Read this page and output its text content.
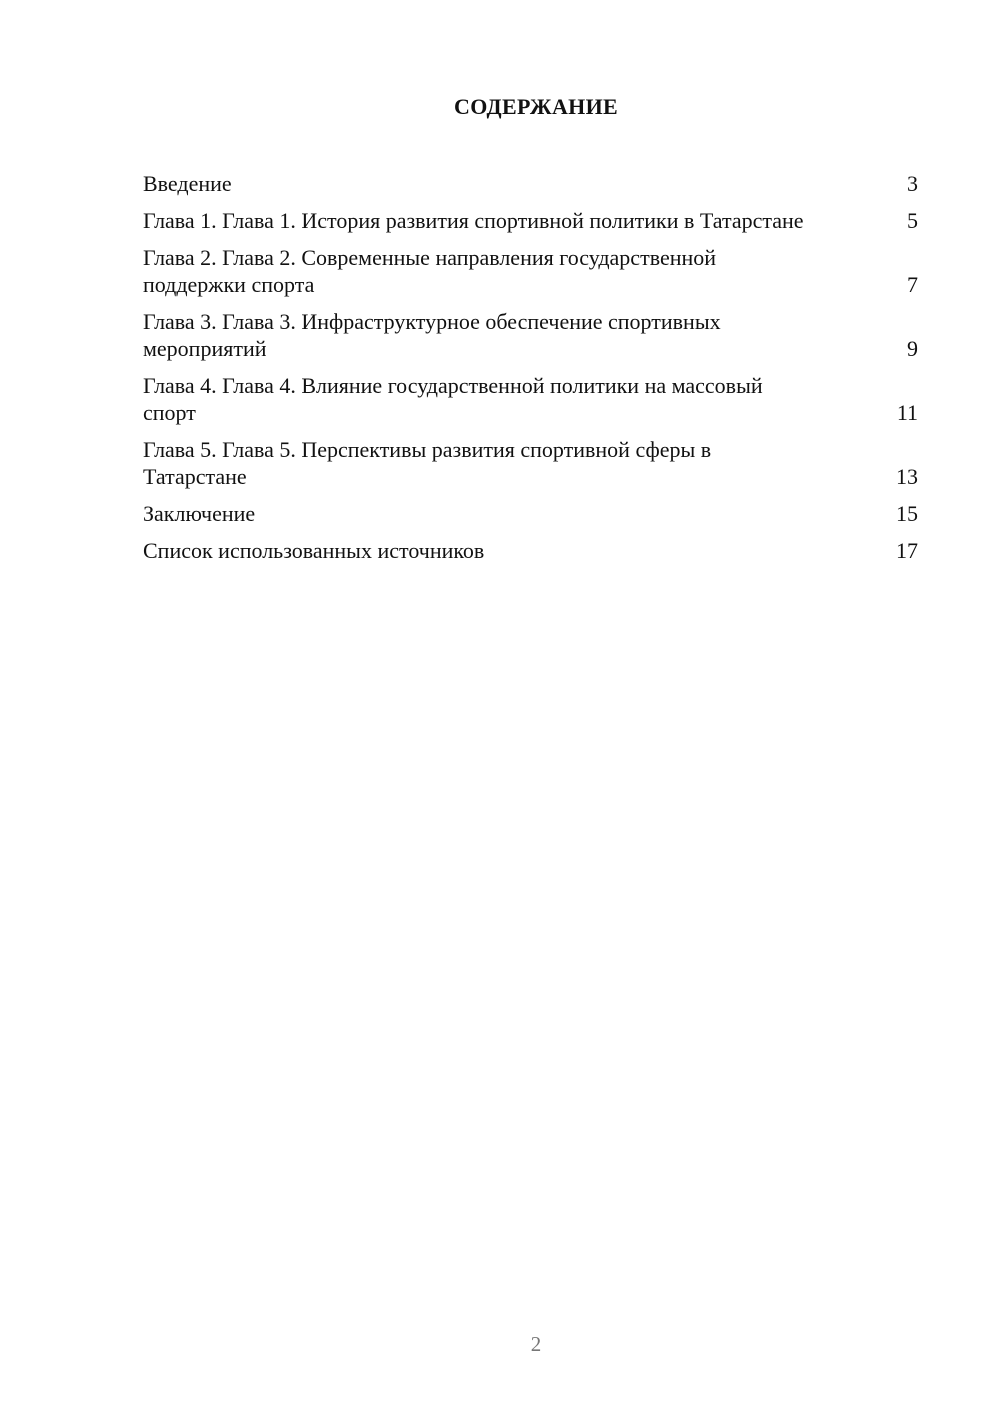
СОДЕРЖАНИЕ
Введение	3
Глава 1. Глава 1. История развития спортивной политики в Татарстане	5
Глава 2. Глава 2. Современные направления государственной поддержки спорта	7
Глава 3. Глава 3. Инфраструктурное обеспечение спортивных мероприятий	9
Глава 4. Глава 4. Влияние государственной политики на массовый спорт	11
Глава 5. Глава 5. Перспективы развития спортивной сферы в Татарстане	13
Заключение	15
Список использованных источников	17
2
